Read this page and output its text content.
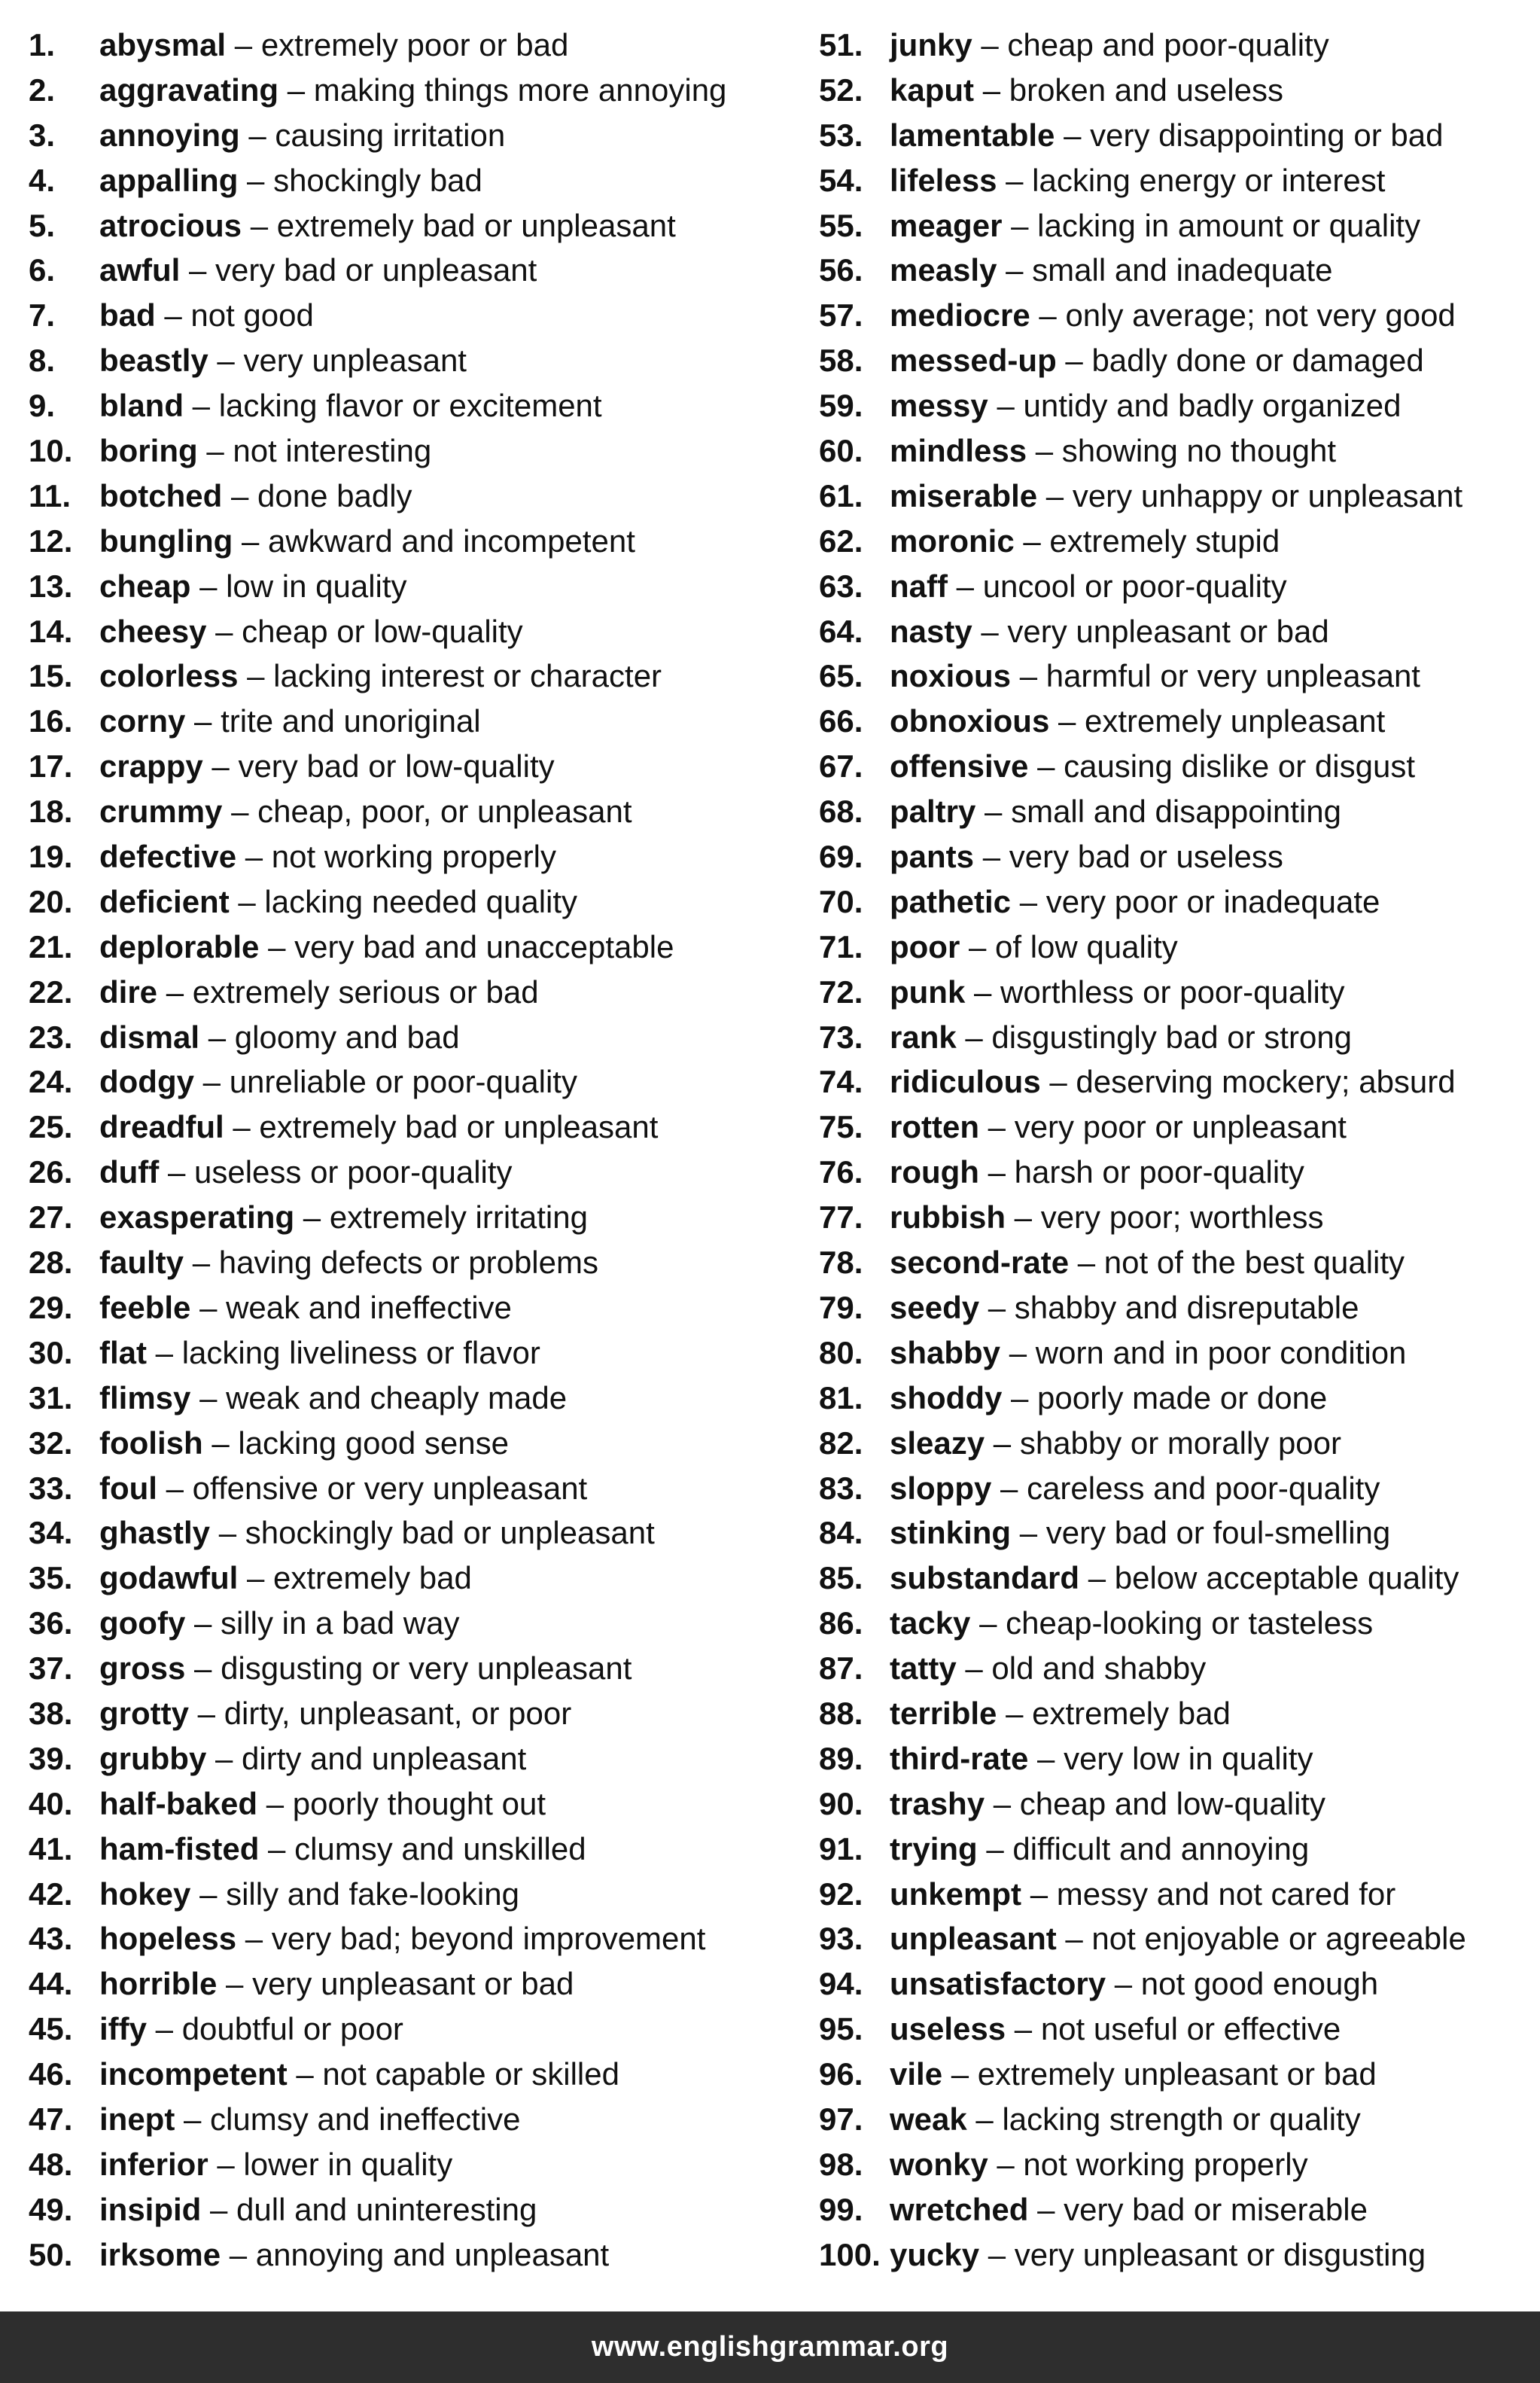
1. abysmal – extremely poor or bad
2. aggravating – making things more annoying
3. annoying – causing irritation
4. appalling – shockingly bad
5. atrocious – extremely bad or unpleasant
6. awful – very bad or unpleasant
7. bad – not good
8. beastly – very unpleasant
9. bland – lacking flavor or excitement
10. boring – not interesting
11. botched – done badly
12. bungling – awkward and incompetent
13. cheap – low in quality
14. cheesy – cheap or low-quality
15. colorless – lacking interest or character
16. corny – trite and unoriginal
17. crappy – very bad or low-quality
18. crummy – cheap, poor, or unpleasant
19. defective – not working properly
20. deficient – lacking needed quality
21. deplorable – very bad and unacceptable
22. dire – extremely serious or bad
23. dismal – gloomy and bad
24. dodgy – unreliable or poor-quality
25. dreadful – extremely bad or unpleasant
26. duff – useless or poor-quality
27. exasperating – extremely irritating
28. faulty – having defects or problems
29. feeble – weak and ineffective
30. flat – lacking liveliness or flavor
31. flimsy – weak and cheaply made
32. foolish – lacking good sense
33. foul – offensive or very unpleasant
34. ghastly – shockingly bad or unpleasant
35. godawful – extremely bad
36. goofy – silly in a bad way
37. gross – disgusting or very unpleasant
38. grotty – dirty, unpleasant, or poor
39. grubby – dirty and unpleasant
40. half-baked – poorly thought out
41. ham-fisted – clumsy and unskilled
42. hokey – silly and fake-looking
43. hopeless – very bad; beyond improvement
44. horrible – very unpleasant or bad
45. iffy – doubtful or poor
46. incompetent – not capable or skilled
47. inept – clumsy and ineffective
48. inferior – lower in quality
49. insipid – dull and uninteresting
50. irksome – annoying and unpleasant
51. junky – cheap and poor-quality
52. kaput – broken and useless
53. lamentable – very disappointing or bad
54. lifeless – lacking energy or interest
55. meager – lacking in amount or quality
56. measly – small and inadequate
57. mediocre – only average; not very good
58. messed-up – badly done or damaged
59. messy – untidy and badly organized
60. mindless – showing no thought
61. miserable – very unhappy or unpleasant
62. moronic – extremely stupid
63. naff – uncool or poor-quality
64. nasty – very unpleasant or bad
65. noxious – harmful or very unpleasant
66. obnoxious – extremely unpleasant
67. offensive – causing dislike or disgust
68. paltry – small and disappointing
69. pants – very bad or useless
70. pathetic – very poor or inadequate
71. poor – of low quality
72. punk – worthless or poor-quality
73. rank – disgustingly bad or strong
74. ridiculous – deserving mockery; absurd
75. rotten – very poor or unpleasant
76. rough – harsh or poor-quality
77. rubbish – very poor; worthless
78. second-rate – not of the best quality
79. seedy – shabby and disreputable
80. shabby – worn and in poor condition
81. shoddy – poorly made or done
82. sleazy – shabby or morally poor
83. sloppy – careless and poor-quality
84. stinking – very bad or foul-smelling
85. substandard – below acceptable quality
86. tacky – cheap-looking or tasteless
87. tatty – old and shabby
88. terrible – extremely bad
89. third-rate – very low in quality
90. trashy – cheap and low-quality
91. trying – difficult and annoying
92. unkempt – messy and not cared for
93. unpleasant – not enjoyable or agreeable
94. unsatisfactory – not good enough
95. useless – not useful or effective
96. vile – extremely unpleasant or bad
97. weak – lacking strength or quality
98. wonky – not working properly
99. wretched – very bad or miserable
100. yucky – very unpleasant or disgusting
www.englishgrammar.org
